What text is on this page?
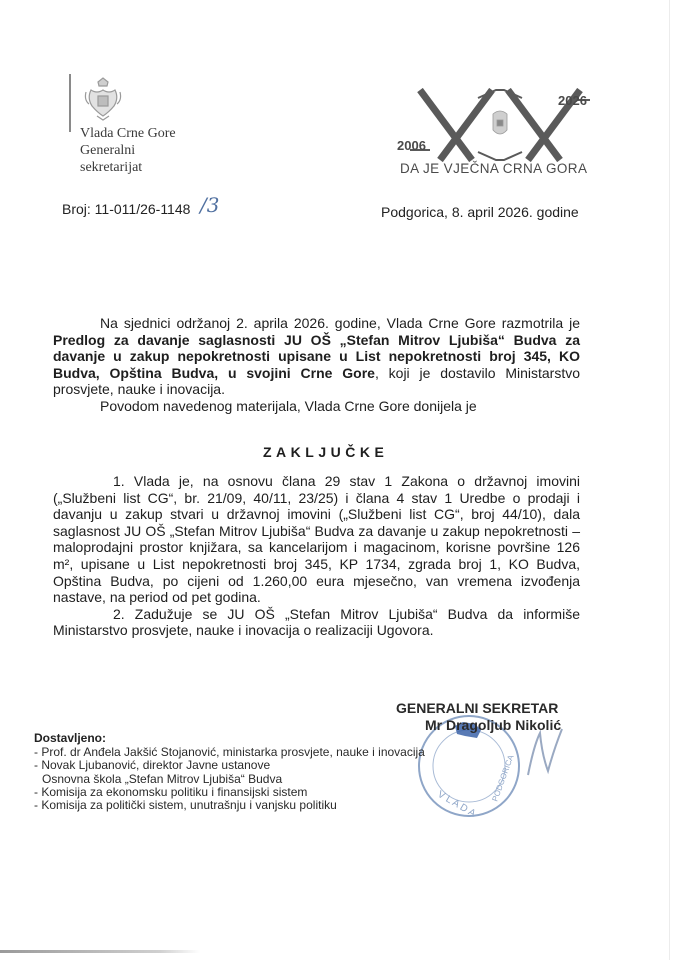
Vlada Crne Gore
Generalni
sekretarijat
2026
2006
DA JE VJEČNA CRNA GORA
Broj: 11-011/26-1148 /3	Podgorica, 8. april 2026. godine
Na sjednici održanoj 2. aprila 2026. godine, Vlada Crne Gore razmotrila je Predlog za davanje saglasnosti JU OŠ „Stefan Mitrov Ljubiša“ Budva za davanje u zakup nepokretnosti upisane u List nepokretnosti broj 345, KO Budva, Opština Budva, u svojini Crne Gore, koji je dostavilo Ministarstvo prosvjete, nauke i inovacija.
Povodom navedenog materijala, Vlada Crne Gore donijela je
ZAKLJUČKE
1. Vlada je, na osnovu člana 29 stav 1 Zakona o državnoj imovini („Službeni list CG“, br. 21/09, 40/11, 23/25) i člana 4 stav 1 Uredbe o prodaji i davanju u zakup stvari u državnoj imovini („Službeni list CG“, broj 44/10), dala saglasnost JU OŠ „Stefan Mitrov Ljubiša“ Budva za davanje u zakup nepokretnosti – maloprodajni prostor knjižara, sa kancelarijom i magacinom, korisne površine 126 m², upisane u List nepokretnosti broj 345, KP 1734, zgrada broj 1, KO Budva, Opština Budva, po cijeni od 1.260,00 eura mjesečno, van vremena izvođenja nastave, na period od pet godina.
2. Zadužuje se JU OŠ „Stefan Mitrov Ljubiša“ Budva da informiše Ministarstvo prosvjete, nauke i inovacija o realizaciji Ugovora.
V L A D A
PODGORICA
GENERALNI SEKRETAR
Mr Dragoljub Nikolić
Dostavljeno:
- Prof. dr Anđela Jakšić Stojanović, ministarka prosvjete, nauke i inovacija
- Novak Ljubanović, direktor Javne ustanove
Osnovna škola „Stefan Mitrov Ljubiša“ Budva
- Komisija za ekonomsku politiku i finansijski sistem
- Komisija za politički sistem, unutrašnju i vanjsku politiku
